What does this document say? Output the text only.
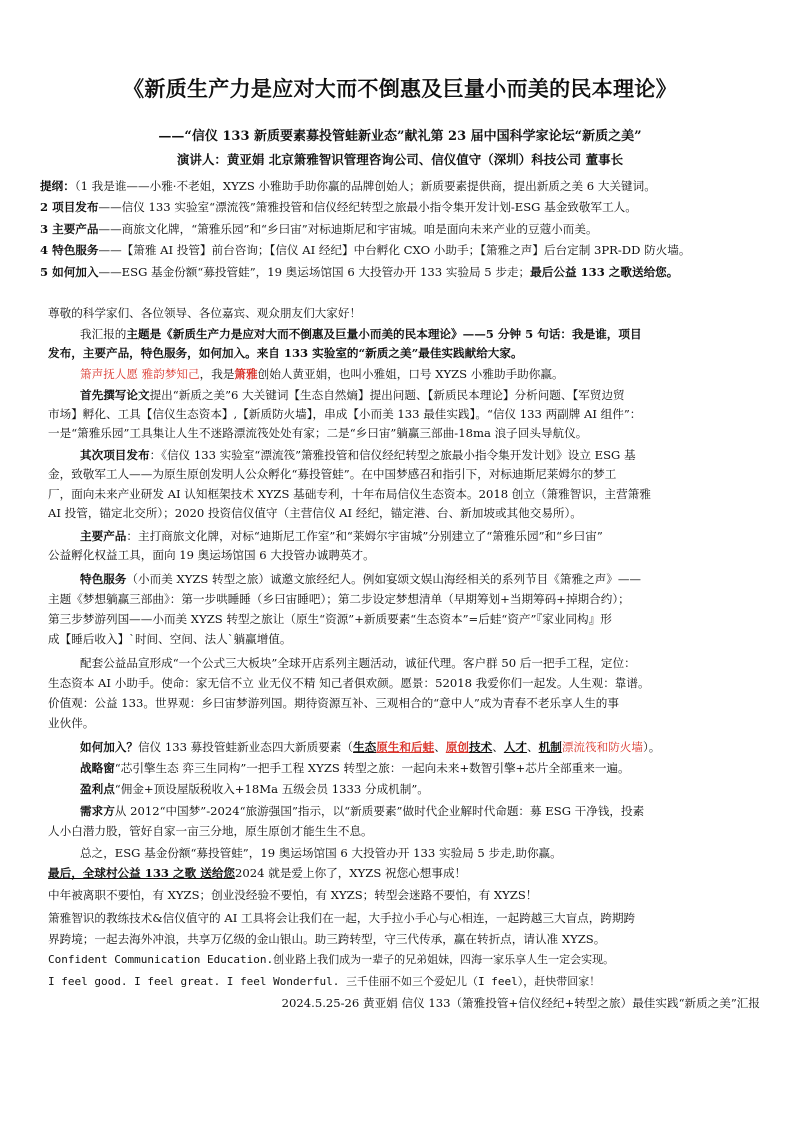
《新质生产力是应对大而不倒惠及巨量小而美的民本理论》
——“信仪 133 新质要素募投管蛙新业态”献礼第 23 届中国科学家论坛“新质之美”
演讲人：黄亚娟 北京箫雅智识管理咨询公司、信仪值守（深圳）科技公司 董事长
提纲：（1 我是谁——小雅·不老姐，XYZS 小雅助手助你赢的品牌创始人；新质要素提供商，提出新质之美 6 大关键词。
2 项目发布——信仪 133 实验室“漂流筏”箫雅投管和信仪经纪转型之旅最小指令集开发计划-ESG 基金致敬军工人。
3 主要产品——商旅文化牌，“箫雅乐园”和“乡曰宙”对标迪斯尼和宇宙城。咱是面向未来产业的豆蔻小而美。
4 特色服务——【箫雅 AI 投管】前台咨询；【信仪 AI 经纪】中台孵化 CXO 小助手；【箫雅之声】后台定制 3PR-DD 防火墙。
5 如何加入——ESG 基金份额“募投管蛙”，19 奥运场馆国 6 大投管办开 133 实验局 5 步走；最后公益 133 之歌送给您。
尊敬的科学家们、各位领导、各位嘉宾、观众朋友们大家好！
我汇报的主题是《新质生产力是应对大而不倒惠及巨量小而美的民本理论》——5 分钟 5 句话：我是谁，项目
发布，主要产品，特色服务，如何加入。来自 133 实验室的“新质之美”最佳实践献给大家。
箫声抚人愿 雅韵梦知己，我是箫雅创始人黄亚娟，也叫小雅姐，口号 XYZS 小雅助手助你赢。
首先撰写论文提出“新质之美”6 大关键词【生态自然熵】提出问题、【新质民本理论】分析问题、【军贸边贸
市场】孵化、工具【信仪生态资本】,【新质防火墙】，串成【小而美 133 最佳实践】。“信仪 133 两副牌 AI 组件”：
一是“箫雅乐园”工具集让人生不迷路漂流筏处处有家；二是“乡曰宙”躺赢三部曲-18ma 浪子回头导航仪。
其次项目发布：《信仪 133 实验室“漂流筏”箫雅投管和信仪经纪转型之旅最小指令集开发计划》设立 ESG 基
金，致敬军工人——为原生原创发明人公众孵化“募投管蛙”。在中国梦感召和指引下，对标迪斯尼莱姆尔的梦工
厂，面向未来产业研发 AI 认知框架技术 XYZS 基础专利，十年布局信仪生态资本。2018 创立（箫雅智识，主营箫雅
AI 投管，锚定北交所）；2020 投资信仪值守（主营信仪 AI 经纪，锚定港、台、新加坡或其他交易所）。
主要产品：主打商旅文化牌，对标“迪斯尼工作室”和“莱姆尔宇宙城”分别建立了“箫雅乐园”和“乡曰宙”
公益孵化权益工具，面向 19 奥运场馆国 6 大投管办诚聘英才。
特色服务（小而美 XYZS 转型之旅）诚邀文旅经纪人。例如宴颂文娱山海经相关的系列节目《箫雅之声》——
主题《梦想躺赢三部曲》：第一步哄睡睡（乡曰宙睡吧）；第二步设定梦想清单（早期筹划+当期筹码+掉期合约）；
第三步梦游列国——小而美 XYZS 转型之旅让（原生“资源”+新质要素“生态资本”=后蛙“资产”『家业同构』形
成【睡后收入】`时间、空间、法人`躺赢增值。
配套公益品宣形成“一个公式三大板块”全球开店系列主题活动，诚征代理。客户群 50 后一把手工程，定位：
生态资本 AI 小助手。使命：家无信不立 业无仪不精 知己者俱欢颜。愿景：52018 我爱你们一起发。人生观：靠谱。
价值观：公益 133。世界观：乡曰宙梦游列国。期待资源互补、三观相合的“意中人”成为青春不老乐享人生的事
业伙伴。
如何加入？信仪 133 募投管蛙新业态四大新质要素（生态原生和后蛙、原创技术、人才、机制漂流筏和防火墙）。
战略窗“芯引擎生态 弈三生同构”一把手工程 XYZS 转型之旅：一起向未来+数智引擎+芯片全部重来一遍。
盈利点“佣金+顶设屋版税收入+18Ma 五级会员 1333 分成机制”。
需求方从 2012“中国梦”-2024“旅游强国”指示，以“新质要素”做时代企业解时代命题：募 ESG 干净钱，投素
人小白潜力股，管好自家一亩三分地，原生原创才能生生不息。
总之，ESG 基金份额“募投管蛙”，19 奥运场馆国 6 大投管办开 133 实验局 5 步走,助你赢。
最后，全球村公益 133 之歌 送给您2024 就是爱上你了，XYZS 祝您心想事成！
中年被离职不要怕，有 XYZS；创业没经验不要怕，有 XYZS；转型会迷路不要怕，有 XYZS！
箫雅智识的教练技术&信仪值守的 AI 工具将会让我们在一起，大手拉小手心与心相连，一起跨越三大盲点，跨期跨
界跨境；一起去海外冲浪，共享万亿级的金山银山。助三跨转型，守三代传承，赢在转折点，请认准 XYZS。
Confident Communication Education.创业路上我们成为一辈子的兄弟姐妹，四海一家乐享人生一定会实现。
I feel good. I feel great. I feel Wonderful. 三千佳丽不如三个爱妃儿（I feel），赶快带回家！
2024.5.25-26 黄亚娟 信仪 133（箫雅投管+信仪经纪+转型之旅）最佳实践“新质之美”汇报
